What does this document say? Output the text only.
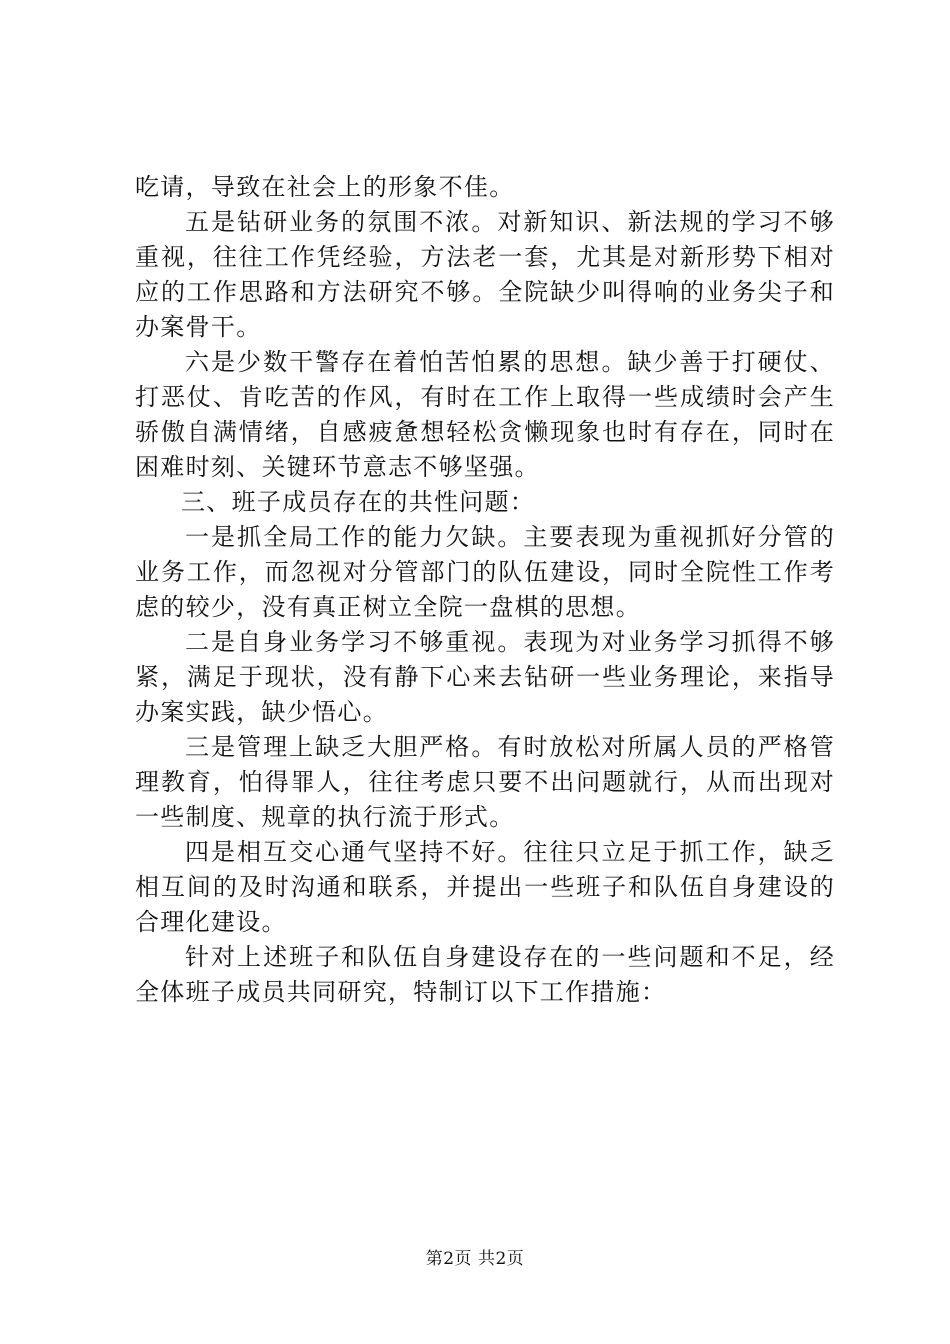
吃请，导致在社会上的形象不佳。

五是钻研业务的氛围不浓。对新知识、新法规的学习不够重视，往往工作凭经验，方法老一套，尤其是对新形势下相对应的工作思路和方法研究不够。全院缺少叫得响的业务尖子和办案骨干。

六是少数干警存在着怕苦怕累的思想。缺少善于打硬仗、打恶仗、肯吃苦的作风，有时在工作上取得一些成绩时会产生骄傲自满情绪，自感疲惫想轻松贪懒现象也时有存在，同时在困难时刻、关键环节意志不够坚强。

三、班子成员存在的共性问题：

一是抓全局工作的能力欠缺。主要表现为重视抓好分管的业务工作，而忽视对分管部门的队伍建设，同时全院性工作考虑的较少，没有真正树立全院一盘棋的思想。

二是自身业务学习不够重视。表现为对业务学习抓得不够紧，满足于现状，没有静下心来去钻研一些业务理论，来指导办案实践，缺少悟心。

三是管理上缺乏大胆严格。有时放松对所属人员的严格管理教育，怕得罪人，往往考虑只要不出问题就行，从而出现对一些制度、规章的执行流于形式。

四是相互交心通气坚持不好。往往只立足于抓工作，缺乏相互间的及时沟通和联系，并提出一些班子和队伍自身建设的合理化建设。

针对上述班子和队伍自身建设存在的一些问题和不足，经全体班子成员共同研究，特制订以下工作措施：

第2页 共2页
